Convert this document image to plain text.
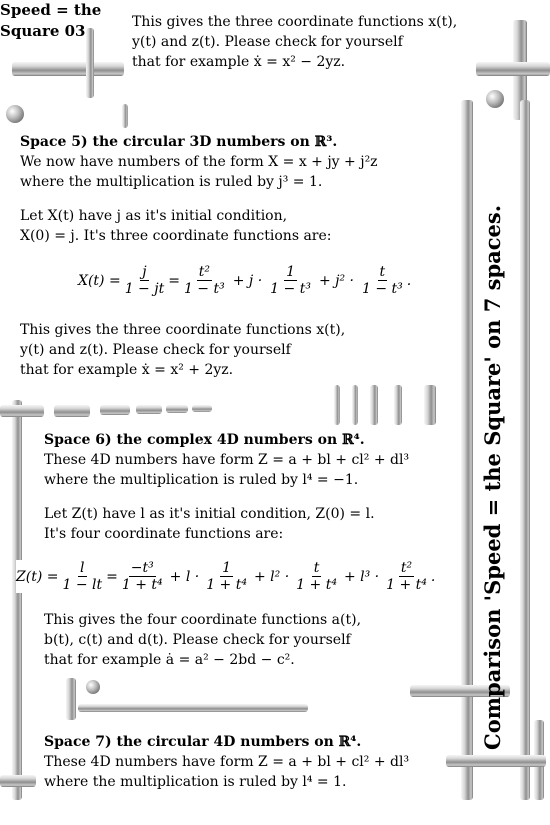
Speed = the
Square 03
Comparison 'Speed = the Square' on 7 spaces.
This gives the three coordinate functions x(t),
y(t) and z(t). Please check for yourself
that for example ẋ = x² − 2yz.
Space 5) the circular 3D numbers on ℝ³.
We now have numbers of the form X = x + jy + j²z
where the multiplication is ruled by j³ = 1.
Let X(t) have j as it's initial condition,
X(0) = j. It's three coordinate functions are:
$X(t) = \frac{j}{1 - jt} = \frac{\text{t²}}{\text{1 − t³}} + j \cdot \frac{1}{\text{1 − t³}} + j^2 \cdot \frac{t}{\text{1 − t³}}$ .
This gives the three coordinate functions x(t),
y(t) and z(t). Please check for yourself
that for example ẋ = x² + 2yz.
Space 6) the complex 4D numbers on ℝ⁴.
These 4D numbers have form Z = a + bl + cl² + dl³
where the multiplication is ruled by l⁴ = −1.
Let Z(t) have l as it's initial condition, Z(0) = l.
It's four coordinate functions are:
$Z(t) = \frac{l}{1 - lt} = \frac{\text{−t³}}{\text{1 + t⁴}} + l \cdot \frac{1}{\text{1 + t⁴}} + l^2 \cdot \frac{t}{\text{1 + t⁴}} + l^3 \cdot \frac{\text{t²}}{\text{1 + t⁴}}$ .
This gives the four coordinate functions a(t),
b(t), c(t) and d(t). Please check for yourself
that for example ȧ = a² − 2bd − c².
Space 7) the circular 4D numbers on ℝ⁴.
These 4D numbers have form Z = a + bl + cl² + dl³
where the multiplication is ruled by l⁴ = 1.
